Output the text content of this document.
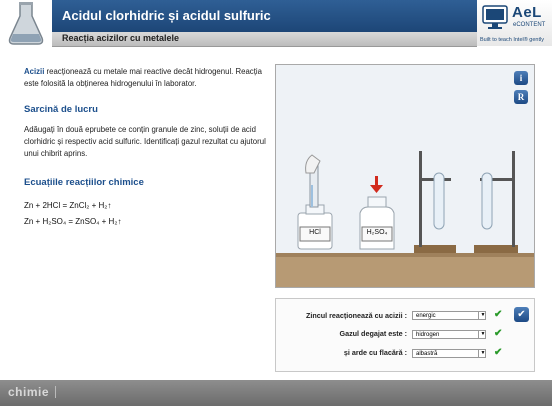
Acidul clorhidric și acidul sulfuric
Reacția acizilor cu metalele
AeL
eCONTENT
Built to teach Intel® gently
Acizii reacționează cu metale mai reactive decât hidrogenul. Reacția este folosită la obținerea hidrogenului în laborator.
Sarcină de lucru
Adăugați în două eprubete ce conțin granule de zinc, soluții de acid clorhidric și respectiv acid sulfuric. Identificați gazul rezultat cu ajutorul unui chibrit aprins.
Ecuațiile reacțiilor chimice
Zn + 2HCl = ZnCl₂ + H₂↑
Zn + H₂SO₄ = ZnSO₄ + H₂↑
HCl	H₂SO₄
i
R
Zincul reacționează cu acizii :	energic	▼ ✔
Gazul degajat este :	hidrogen	▼ ✔
și arde cu flacără :	albastră	▼ ✔
✔
chimie
